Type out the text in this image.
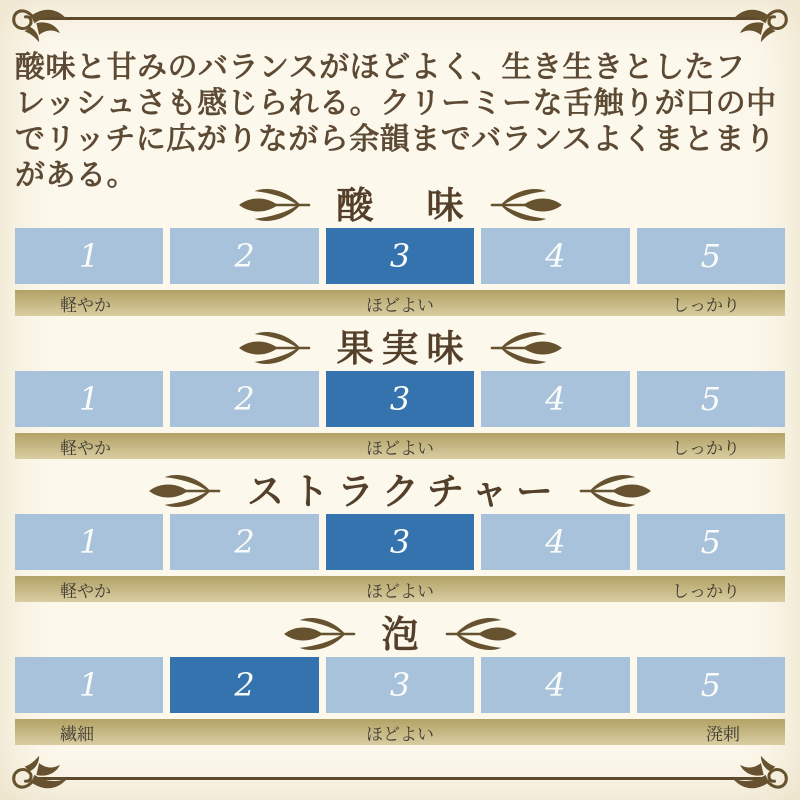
酸味と甘みのバランスがほどよく、生き生きとしたフ
レッシュさも感じられる。クリーミーな舌触りが口の中
でリッチに広がりながら余韻までバランスよくまとまり
がある。
酸　味
1	2	3	4	5
軽やか	ほどよい	しっかり
果実味
1	2	3	4	5
軽やか	ほどよい	しっかり
ストラクチャー
1	2	3	4	5
軽やか	ほどよい	しっかり
泡
1	2	3	4	5
繊細	ほどよい	溌剌
